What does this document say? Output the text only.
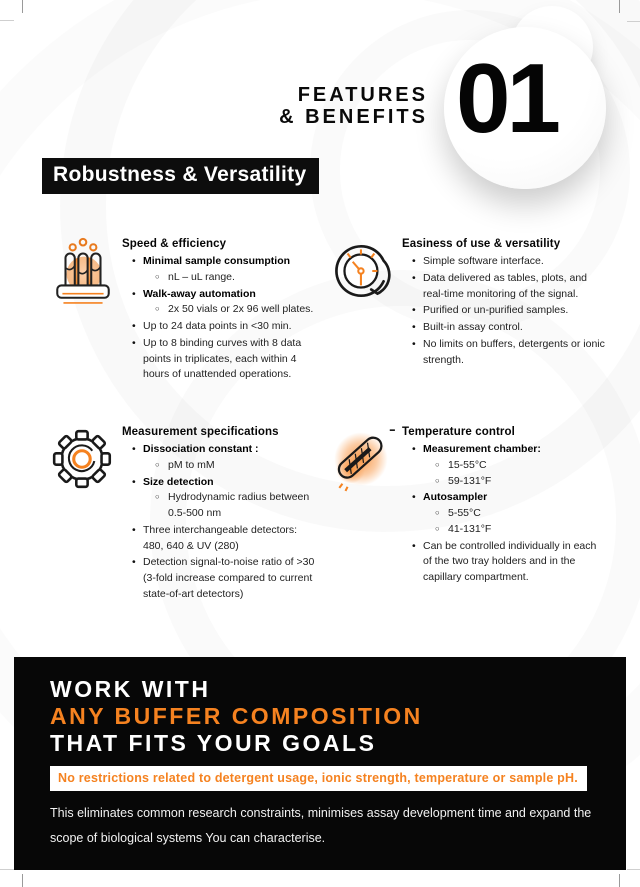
FEATURES
& BENEFITS 01
Robustness & Versatility
Speed & efficiency
• Minimal sample consumption
○ nL – uL range.
• Walk-away automation
○ 2x 50 vials or 2x 96 well plates.
• Up to 24 data points in <30 min.
• Up to 8 binding curves with 8 data points in triplicates, each within 4 hours of unattended operations.
Easiness of use & versatility
• Simple software interface.
• Data delivered as tables, plots, and real-time monitoring of the signal.
• Purified or un-purified samples.
• Built-in assay control.
• No limits on buffers, detergents or ionic strength.
Measurement specifications
• Dissociation constant :
○ pM to mM
• Size detection
○ Hydrodynamic radius between 0.5-500 nm
• Three interchangeable detectors: 480, 640 & UV (280)
• Detection signal-to-noise ratio of >30 (3-fold increase compared to current state-of-art detectors)
Temperature control
• Measurement chamber:
○ 15-55°C
○ 59-131°F
• Autosampler
○ 5-55°C
○ 41-131°F
• Can be controlled individually in each of the two tray holders and in the capillary compartment.
WORK WITH
ANY BUFFER COMPOSITION
THAT FITS YOUR GOALS
No restrictions related to detergent usage, ionic strength, temperature or sample pH.

This eliminates common research constraints, minimises assay development time and expand the scope of biological systems You can characterise.
